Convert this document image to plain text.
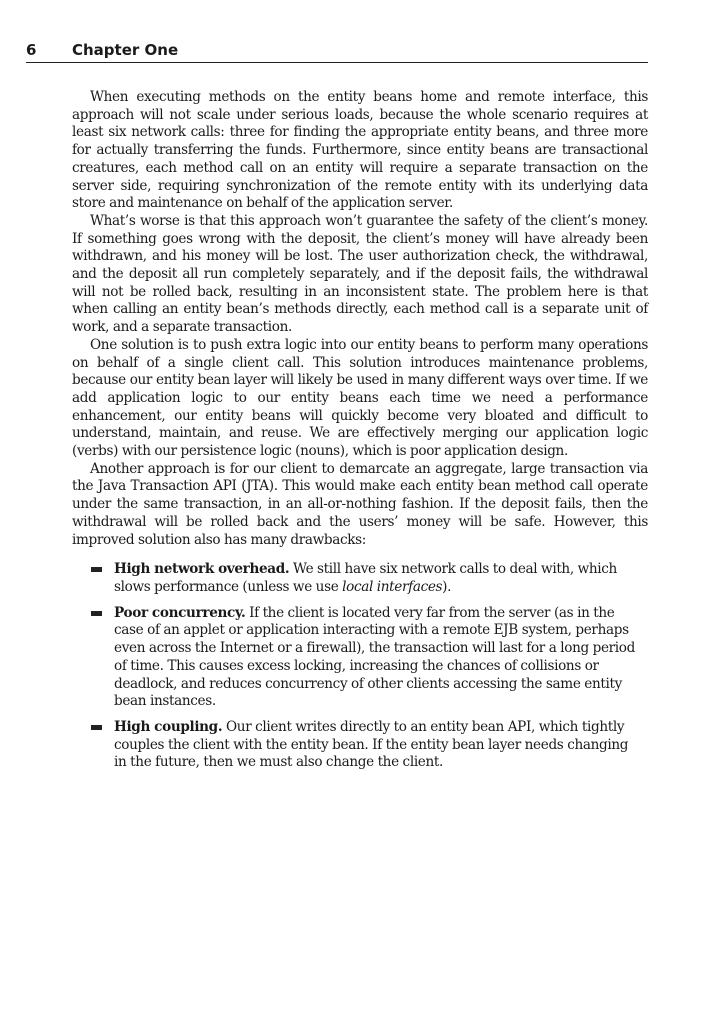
6 Chapter One

When executing methods on the entity beans home and remote interface, this approach will not scale under serious loads, because the whole scenario requires at least six network calls: three for finding the appropriate entity beans, and three more for actually transferring the funds. Furthermore, since entity beans are transactional creatures, each method call on an entity will require a separate transaction on the server side, requiring synchronization of the remote entity with its underlying data store and maintenance on behalf of the application server.

What’s worse is that this approach won’t guarantee the safety of the client’s money. If something goes wrong with the deposit, the client’s money will have already been withdrawn, and his money will be lost. The user authorization check, the withdrawal, and the deposit all run completely separately, and if the deposit fails, the withdrawal will not be rolled back, resulting in an inconsistent state. The problem here is that when calling an entity bean’s methods directly, each method call is a separate unit of work, and a separate transaction.

One solution is to push extra logic into our entity beans to perform many operations on behalf of a single client call. This solution introduces maintenance problems, because our entity bean layer will likely be used in many different ways over time. If we add application logic to our entity beans each time we need a performance enhancement, our entity beans will quickly become very bloated and difficult to understand, maintain, and reuse. We are effectively merging our application logic (verbs) with our persistence logic (nouns), which is poor application design.

Another approach is for our client to demarcate an aggregate, large transaction via the Java Transaction API (JTA). This would make each entity bean method call operate under the same transaction, in an all-or-nothing fashion. If the deposit fails, then the withdrawal will be rolled back and the users’ money will be safe. However, this improved solution also has many drawbacks:

High network overhead. We still have six network calls to deal with, which slows performance (unless we use local interfaces).
Poor concurrency. If the client is located very far from the server (as in the case of an applet or application interacting with a remote EJB system, perhaps even across the Internet or a firewall), the transaction will last for a long period of time. This causes excess locking, increasing the chances of collisions or deadlock, and reduces concurrency of other clients accessing the same entity bean instances.
High coupling. Our client writes directly to an entity bean API, which tightly couples the client with the entity bean. If the entity bean layer needs changing in the future, then we must also change the client.
